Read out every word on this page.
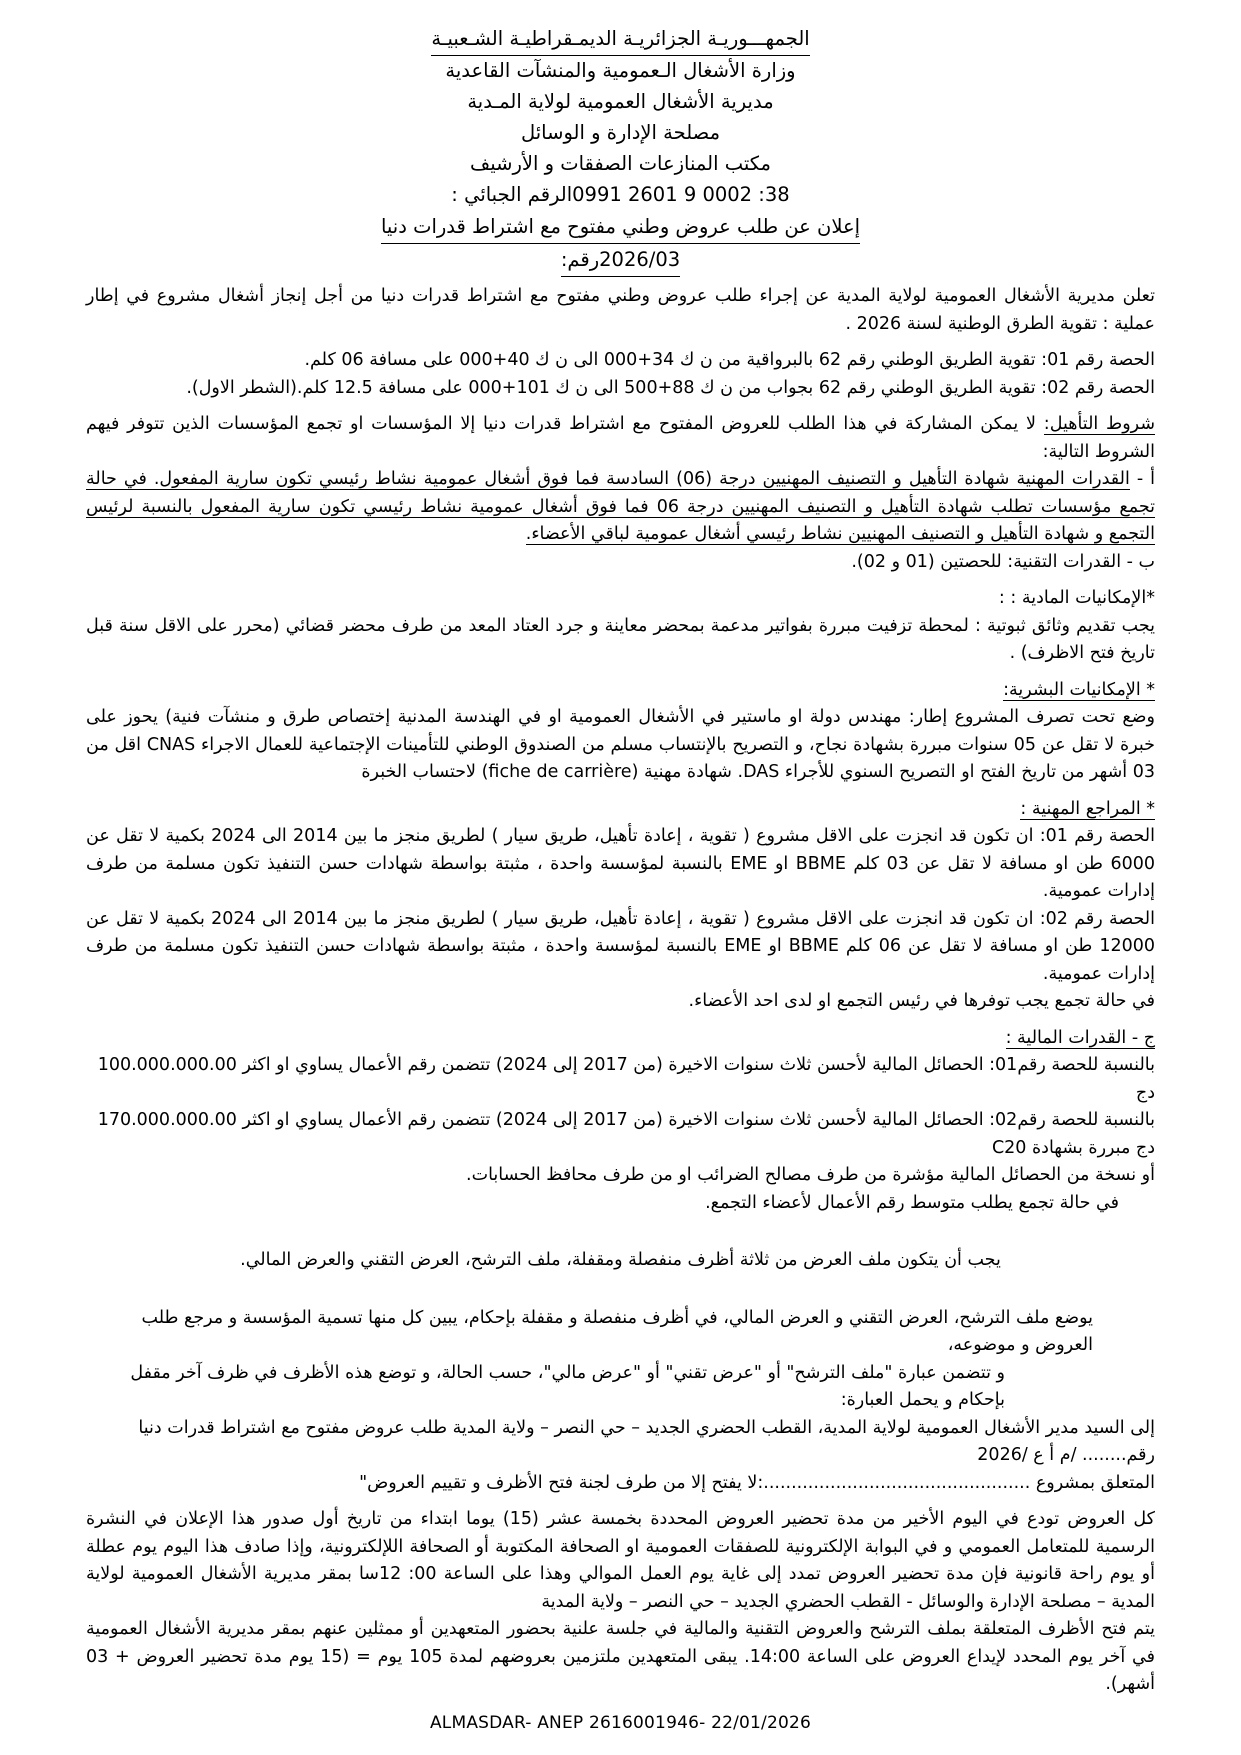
الجمهـــوريـة الجزائريـة الديمـقراطيـة الشـعبيـة
وزارة الأشغال الـعمومية والمنشآت القاعدية
مديرية الأشغال العمومية لولاية المـدية
مصلحة الإدارة و الوسائل
مكتب المنازعات الصفقات و الأرشيف
38: 0002 9 2601 0991الرقم الجبائي :
إعلان عن طلب عروض وطني مفتوح مع اشتراط قدرات دنيا
2026/03رقم:

تعلن مديرية الأشغال العمومية لولاية المدية عن إجراء طلب عروض وطني مفتوح مع اشتراط قدرات دنيا من أجل إنجاز أشغال مشروع في إطار عملية : تقوية الطرق الوطنية لسنة 2026 .

الحصة رقم 01: تقوية الطريق الوطني رقم 62 بالبرواقية من ن ك 34+000 الى ن ك 40+000 على مسافة 06 كلم.

الحصة رقم 02: تقوية الطريق الوطني رقم 62 بجواب من ن ك 88+500 الى ن ك 101+000 على مسافة 12.5 كلم.(الشطر الاول).

شروط التأهيل: لا يمكن المشاركة في هذا الطلب للعروض المفتوح مع اشتراط قدرات دنيا إلا المؤسسات او تجمع المؤسسات الذين تتوفر فيهم الشروط التالية:

أ - القدرات المهنية شهادة التأهيل و التصنيف المهنيين درجة (06) السادسة فما فوق أشغال عمومية نشاط رئيسي تكون سارية المفعول. في حالة تجمع مؤسسات تطلب شهادة التأهيل و التصنيف المهنيين درجة 06 فما فوق أشغال عمومية نشاط رئيسي تكون سارية المفعول بالنسبة لرئيس التجمع و شهادة التأهيل و التصنيف المهنيين نشاط رئيسي أشغال عمومية لباقي الأعضاء.

ب - القدرات التقنية: للحصتين (01 و 02).

*الإمكانيات المادية : :

يجب تقديم وثائق ثبوتية : لمحطة تزفيت مبررة بفواتير مدعمة بمحضر معاينة و جرد العتاد المعد من طرف محضر قضائي (محرر على الاقل سنة قبل تاريخ فتح الاظرف) .

* الإمكانيات البشرية:

وضع تحت تصرف المشروع إطار: مهندس دولة او ماستير في الأشغال العمومية او في الهندسة المدنية إختصاص طرق و منشآت فنية) يحوز على خبرة لا تقل عن 05 سنوات مبررة بشهادة نجاح، و التصريح بالإنتساب مسلم من الصندوق الوطني للتأمينات الإجتماعية للعمال الاجراء CNAS اقل من 03 أشهر من تاريخ الفتح او التصريح السنوي للأجراء DAS. شهادة مهنية (fiche de carrière) لاحتساب الخبرة

* المراجع المهنية :

الحصة رقم 01: ان تكون قد انجزت على الاقل مشروع ( تقوية ، إعادة تأهيل، طريق سيار ) لطريق منجز ما بين 2014 الى 2024 بكمية لا تقل عن 6000 طن او مسافة لا تقل عن 03 كلم BBME او EME بالنسبة لمؤسسة واحدة ، مثبتة بواسطة شهادات حسن التنفيذ تكون مسلمة من طرف إدارات عمومية.

الحصة رقم 02: ان تكون قد انجزت على الاقل مشروع ( تقوية ، إعادة تأهيل، طريق سيار ) لطريق منجز ما بين 2014 الى 2024 بكمية لا تقل عن 12000 طن او مسافة لا تقل عن 06 كلم BBME او EME بالنسبة لمؤسسة واحدة ، مثبتة بواسطة شهادات حسن التنفيذ تكون مسلمة من طرف إدارات عمومية.

في حالة تجمع يجب توفرها في رئيس التجمع او لدى احد الأعضاء.

ج - القدرات المالية :

بالنسبة للحصة رقم01: الحصائل المالية لأحسن ثلاث سنوات الاخيرة (من 2017 إلى 2024) تتضمن رقم الأعمال يساوي او اكثر 100.000.000.00 دج

بالنسبة للحصة رقم02: الحصائل المالية لأحسن ثلاث سنوات الاخيرة (من 2017 إلى 2024) تتضمن رقم الأعمال يساوي او اكثر 170.000.000.00 دج مبررة بشهادة C20

أو نسخة من الحصائل المالية مؤشرة من طرف مصالح الضرائب او من طرف محافظ الحسابات.

في حالة تجمع يطلب متوسط رقم الأعمال لأعضاء التجمع.

يجب أن يتكون ملف العرض من ثلاثة أظرف منفصلة ومقفلة، ملف الترشح، العرض التقني والعرض المالي.

يوضع ملف الترشح، العرض التقني و العرض المالي، في أظرف منفصلة و مقفلة بإحكام، يبين كل منها تسمية المؤسسة و مرجع طلب العروض و موضوعه،

و تتضمن عبارة "ملف الترشح" أو "عرض تقني" أو "عرض مالي"، حسب الحالة، و توضع هذه الأظرف في ظرف آخر مقفل بإحكام و يحمل العبارة:

إلى السيد مدير الأشغال العمومية لولاية المدية، القطب الحضري الجديد – حي النصر – ولاية المدية طلب عروض مفتوح مع اشتراط قدرات دنيا رقم........ /م أ ع /2026

المتعلق بمشروع ................................................:لا يفتح إلا من طرف لجنة فتح الأظرف و تقييم العروض"

كل العروض تودع في اليوم الأخير من مدة تحضير العروض المحددة بخمسة عشر (15) يوما ابتداء من تاريخ أول صدور هذا الإعلان في النشرة الرسمية للمتعامل العمومي و في البوابة الإلكترونية للصفقات العمومية او الصحافة المكتوبة أو الصحافة اللإلكترونية، وإذا صادف هذا اليوم يوم عطلة أو يوم راحة قانونية فإن مدة تحضير العروض تمدد إلى غاية يوم العمل الموالي وهذا على الساعة 00: 12سا بمقر مديرية الأشغال العمومية لولاية المدية – مصلحة الإدارة والوسائل - القطب الحضري الجديد – حي النصر – ولاية المدية

يتم فتح الأظرف المتعلقة بملف الترشح والعروض التقنية والمالية في جلسة علنية بحضور المتعهدين أو ممثلين عنهم بمقر مديرية الأشغال العمومية في آخر يوم المحدد لإيداع العروض على الساعة 14:00. يبقى المتعهدين ملتزمين بعروضهم لمدة 105 يوم = (15 يوم مدة تحضير العروض + 03 أشهر).

ALMASDAR- ANEP 2616001946- 22/01/2026
